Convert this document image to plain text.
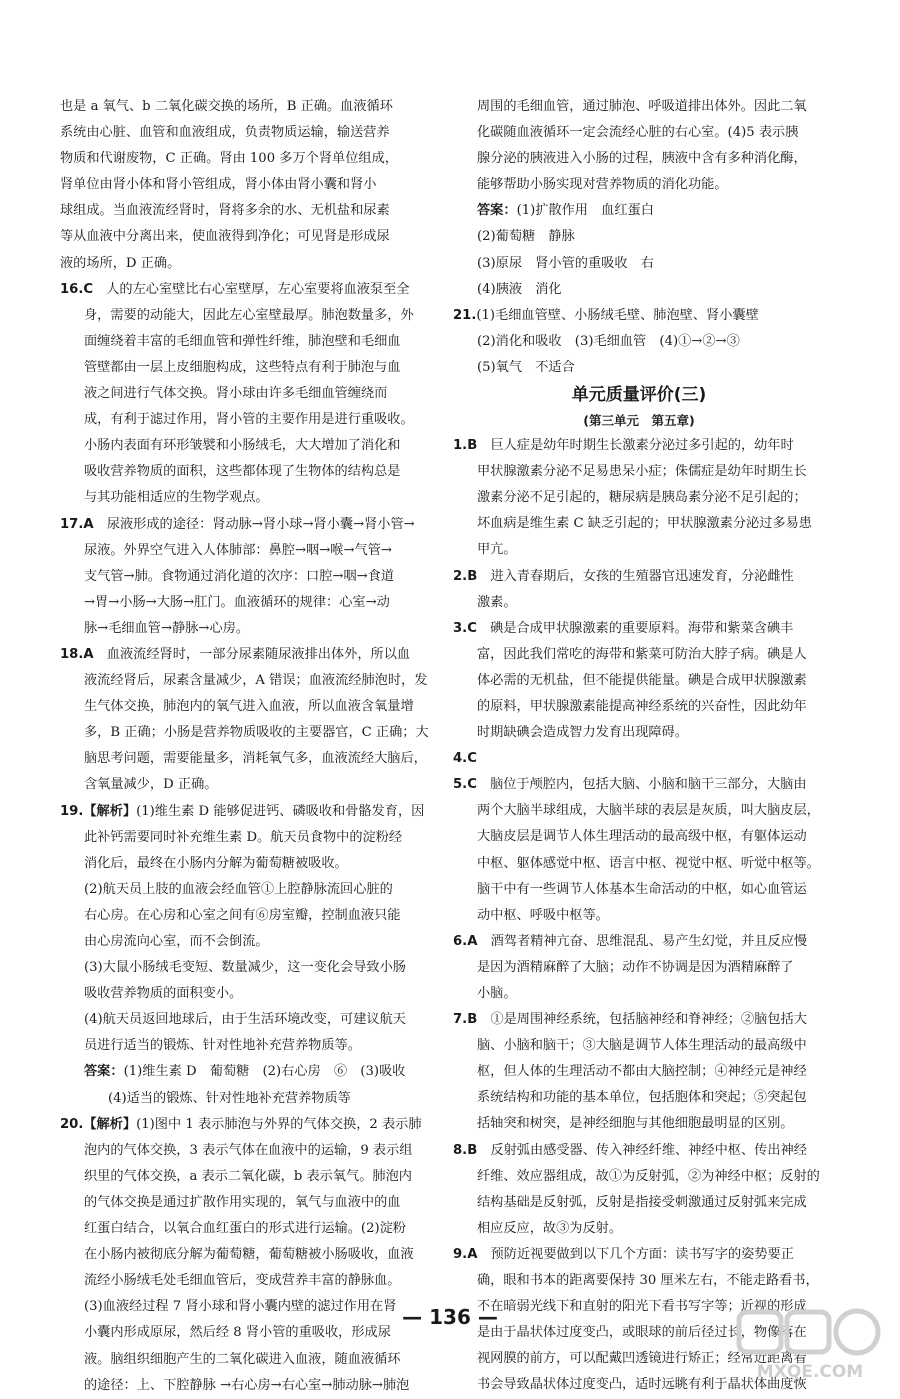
也是 a 氧气、b 二氧化碳交换的场所，B 正确。血液循环

系统由心脏、血管和血液组成，负责物质运输，输送营养

物质和代谢废物，C 正确。肾由 100 多万个肾单位组成，

肾单位由肾小体和肾小管组成，肾小体由肾小囊和肾小

球组成。当血液流经肾时，肾将多余的水、无机盐和尿素

等从血液中分离出来，使血液得到净化；可见肾是形成尿

液的场所，D 正确。

16.C　 人的左心室壁比右心室壁厚，左心室要将血液泵至全

身，需要的动能大，因此左心室壁最厚。肺泡数量多，外

面缠绕着丰富的毛细血管和弹性纤维，肺泡壁和毛细血

管壁都由一层上皮细胞构成，这些特点有利于肺泡与血

液之间进行气体交换。肾小球由许多毛细血管缠绕而

成，有利于滤过作用，肾小管的主要作用是进行重吸收。

小肠内表面有环形皱襞和小肠绒毛，大大增加了消化和

吸收营养物质的面积，这些都体现了生物体的结构总是

与其功能相适应的生物学观点。

17.A　 尿液形成的途径：肾动脉→肾小球→肾小囊→肾小管→

尿液。外界空气进入人体肺部：鼻腔→咽→喉→气管→

支气管→肺。食物通过消化道的次序：口腔→咽→食道

→胃→小肠→大肠→肛门。血液循环的规律：心室→动

脉→毛细血管→静脉→心房。

18.A　 血液流经肾时，一部分尿素随尿液排出体外，所以血

液流经肾后，尿素含量减少，A 错误；血液流经肺泡时，发

生气体交换，肺泡内的氧气进入血液，所以血液含氧量增

多，B 正确；小肠是营养物质吸收的主要器官，C 正确；大

脑思考问题，需要能量多，消耗氧气多，血液流经大脑后，

含氧量减少，D 正确。

19.【解析】(1)维生素 D 能够促进钙、磷吸收和骨骼发育，因

此补钙需要同时补充维生素 D。航天员食物中的淀粉经

消化后，最终在小肠内分解为葡萄糖被吸收。

(2)航天员上肢的血液会经血管①上腔静脉流回心脏的

右心房。在心房和心室之间有⑥房室瓣，控制血液只能

由心房流向心室，而不会倒流。

(3)大鼠小肠绒毛变短、数量减少，这一变化会导致小肠

吸收营养物质的面积变小。

(4)航天员返回地球后，由于生活环境改变，可建议航天

员进行适当的锻炼、针对性地补充营养物质等。

答案：(1)维生素 D　葡萄糖　(2)右心房　⑥　(3)吸收

(4)适当的锻炼、针对性地补充营养物质等

20.【解析】(1)图中 1 表示肺泡与外界的气体交换，2 表示肺

泡内的气体交换，3 表示气体在血液中的运输，9 表示组

织里的气体交换，a 表示二氧化碳，b 表示氧气。肺泡内

的气体交换是通过扩散作用实现的，氧气与血液中的血

红蛋白结合，以氧合血红蛋白的形式进行运输。(2)淀粉

在小肠内被彻底分解为葡萄糖，葡萄糖被小肠吸收，血液

流经小肠绒毛处毛细血管后，变成营养丰富的静脉血。

(3)血液经过程 7 肾小球和肾小囊内壁的滤过作用在肾

小囊内形成原尿，然后经 8 肾小管的重吸收，形成尿

液。脑组织细胞产生的二氧化碳进入血液，随血液循环

的途径：上、下腔静脉 →右心房→右心室→肺动脉→肺泡

周围的毛细血管，通过肺泡、呼吸道排出体外。因此二氧

化碳随血液循环一定会流经心脏的右心室。(4)5 表示胰

腺分泌的胰液进入小肠的过程，胰液中含有多种消化酶，

能够帮助小肠实现对营养物质的消化功能。

答案：(1)扩散作用　血红蛋白

(2)葡萄糖　静脉

(3)原尿　肾小管的重吸收　右

(4)胰液　消化

21.(1)毛细血管壁、小肠绒毛壁、肺泡壁、肾小囊壁

(2)消化和吸收　(3)毛细血管　(4)①→②→③

(5)氧气　不适合

单元质量评价(三)
(第三单元　第五章)

1.B　 巨人症是幼年时期生长激素分泌过多引起的，幼年时

甲状腺激素分泌不足易患呆小症；侏儒症是幼年时期生长

激素分泌不足引起的，糖尿病是胰岛素分泌不足引起的；

坏血病是维生素 C 缺乏引起的；甲状腺激素分泌过多易患

甲亢。

2.B　 进入青春期后，女孩的生殖器官迅速发育，分泌雌性

激素。

3.C　 碘是合成甲状腺激素的重要原料。海带和紫菜含碘丰

富，因此我们常吃的海带和紫菜可防治大脖子病。碘是人

体必需的无机盐，但不能提供能量。碘是合成甲状腺激素

的原料，甲状腺激素能提高神经系统的兴奋性，因此幼年

时期缺碘会造成智力发育出现障碍。

4.C

5.C　 脑位于颅腔内，包括大脑、小脑和脑干三部分，大脑由

两个大脑半球组成，大脑半球的表层是灰质，叫大脑皮层，

大脑皮层是调节人体生理活动的最高级中枢，有躯体运动

中枢、躯体感觉中枢、语言中枢、视觉中枢、听觉中枢等。

脑干中有一些调节人体基本生命活动的中枢，如心血管运

动中枢、呼吸中枢等。

6.A　 酒驾者精神亢奋、思维混乱、易产生幻觉，并且反应慢

是因为酒精麻醉了大脑；动作不协调是因为酒精麻醉了

小脑。

7.B　 ①是周围神经系统，包括脑神经和脊神经；②脑包括大

脑、小脑和脑干；③大脑是调节人体生理活动的最高级中

枢，但人体的生理活动不都由大脑控制；④神经元是神经

系统结构和功能的基本单位，包括胞体和突起；⑤突起包

括轴突和树突，是神经细胞与其他细胞最明显的区别。

8.B　 反射弧由感受器、传入神经纤维、神经中枢、传出神经

纤维、效应器组成，故①为反射弧，②为神经中枢；反射的

结构基础是反射弧，反射是指接受刺激通过反射弧来完成

相应反应，故③为反射。

9.A　 预防近视要做到以下几个方面：读书写字的姿势要正

确，眼和书本的距离要保持 30 厘米左右，不能走路看书，

不在暗弱光线下和直射的阳光下看书写字等；近视的形成

是由于晶状体过度变凸，或眼球的前后径过长，物像落在

视网膜的前方，可以配戴凹透镜进行矫正；经常近距离看

书会导致晶状体过度变凸，适时远眺有利于晶状体曲度恢

— 136 —
MXQE.COM
